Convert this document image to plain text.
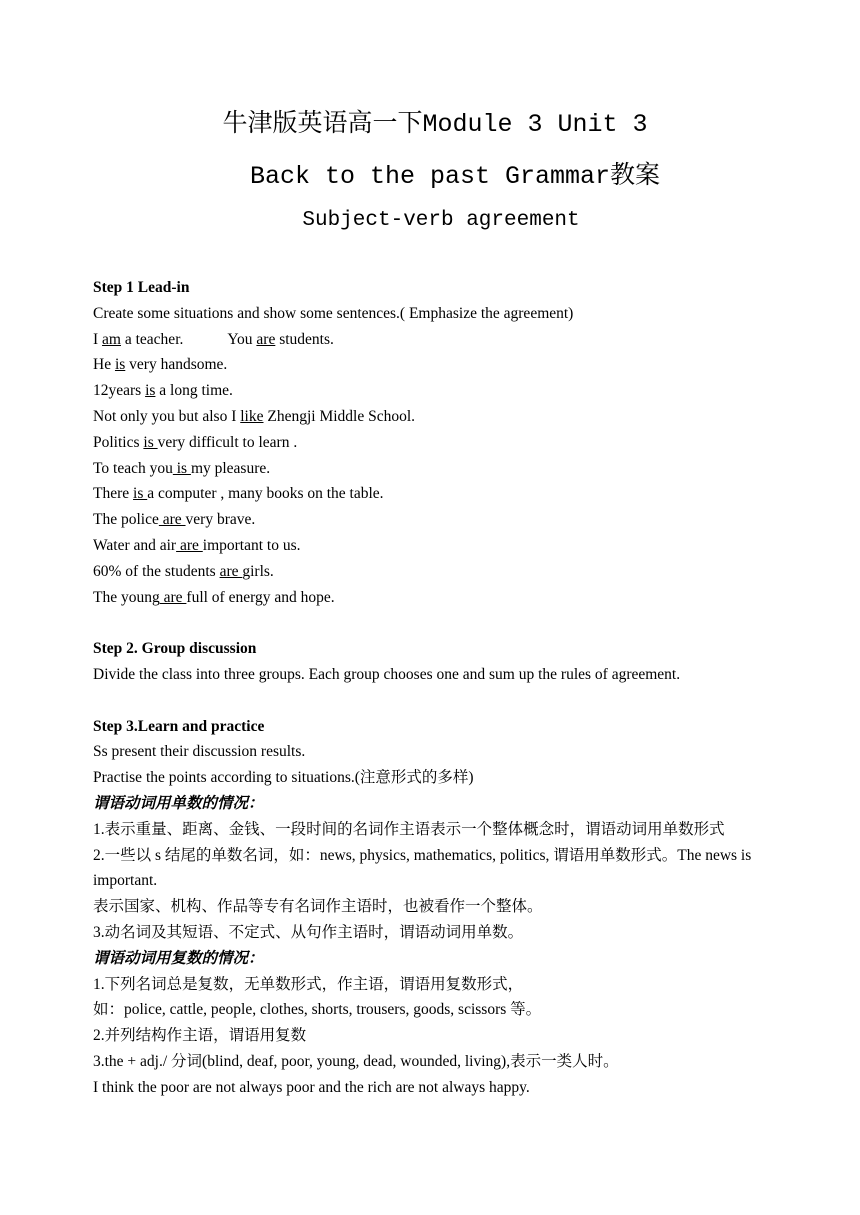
牛津版英语高一下Module 3 Unit 3
Back to the past Grammar教案
Subject-verb agreement

Step 1 Lead-in

Create some situations and show some sentences.( Emphasize the agreement)

I am a teacher.	You are students.

He is very handsome.

12years is a long time.

Not only you but also I like Zhengji Middle School.

Politics is very difficult to learn .

To teach you is my pleasure.

There is a computer , many books on the table.

The police are very brave.

Water and air are important to us.

60% of the students are girls.

The young are full of energy and hope.

Step 2. Group discussion

Divide the class into three groups. Each group chooses one and sum up the rules of agreement.

Step 3.Learn and practice

Ss present their discussion results.

Practise the points according to situations.(注意形式的多样)

谓语动词用单数的情况：

1.表示重量、距离、金钱、一段时间的名词作主语表示一个整体概念时，谓语动词用单数形式

2.一些以 s 结尾的单数名词，如：news, physics, mathematics, politics, 谓语用单数形式。The news is important.

表示国家、机构、作品等专有名词作主语时，也被看作一个整体。

3.动名词及其短语、不定式、从句作主语时，谓语动词用单数。

谓语动词用复数的情况：

1.下列名词总是复数，无单数形式，作主语，谓语用复数形式，

如：police, cattle, people, clothes, shorts, trousers, goods, scissors 等。

2.并列结构作主语，谓语用复数

3.the + adj./ 分词(blind, deaf, poor, young, dead, wounded, living),表示一类人时。

I think the poor are not always poor and the rich are not always happy.
